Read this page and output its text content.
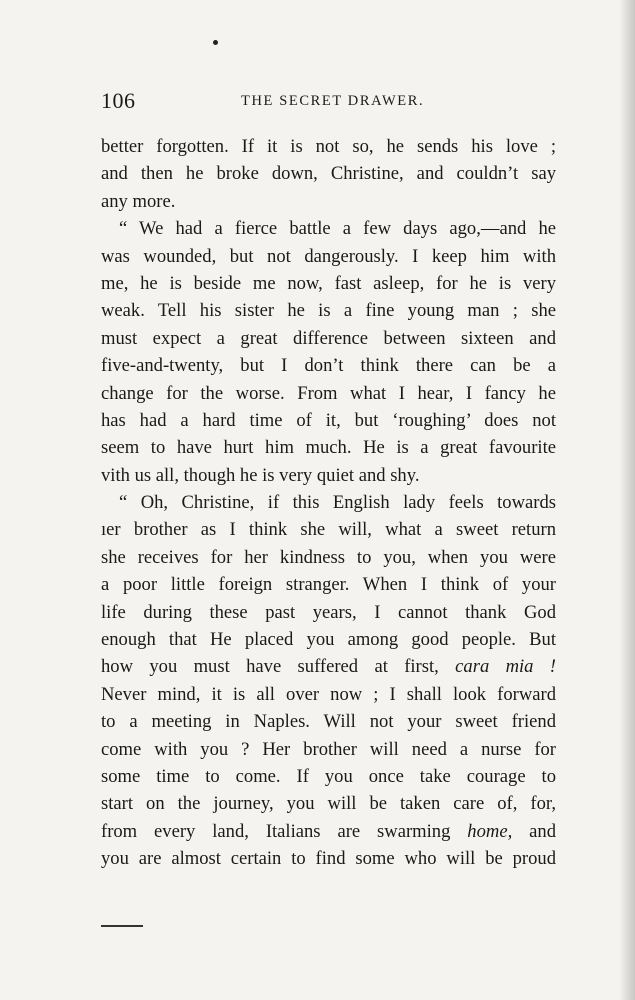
106	THE SECRET DRAWER.
better forgotten. If it is not so, he sends his love ;
and then he broke down, Christine, and couldn’t say
any more.
“ We had a fierce battle a few days ago,—and he
was wounded, but not dangerously. I keep him with
me, he is beside me now, fast asleep, for he is very
weak. Tell his sister he is a fine young man ; she
must expect a great difference between sixteen and
five-and-twenty, but I don’t think there can be a
change for the worse. From what I hear, I fancy he
has had a hard time of it, but ‘roughing’ does not
seem to have hurt him much. He is a great favourite
vith us all, though he is very quiet and shy.
“ Oh, Christine, if this English lady feels towards
ıer brother as I think she will, what a sweet return
she receives for her kindness to you, when you were
a poor little foreign stranger. When I think of your
life during these past years, I cannot thank God
enough that He placed you among good people. But
how you must have suffered at first, cara mia !
Never mind, it is all over now ; I shall look forward
to a meeting in Naples. Will not your sweet friend
come with you ? Her brother will need a nurse for
some time to come. If you once take courage to
start on the journey, you will be taken care of, for,
from every land, Italians are swarming home, and
you are almost certain to find some who will be proud
